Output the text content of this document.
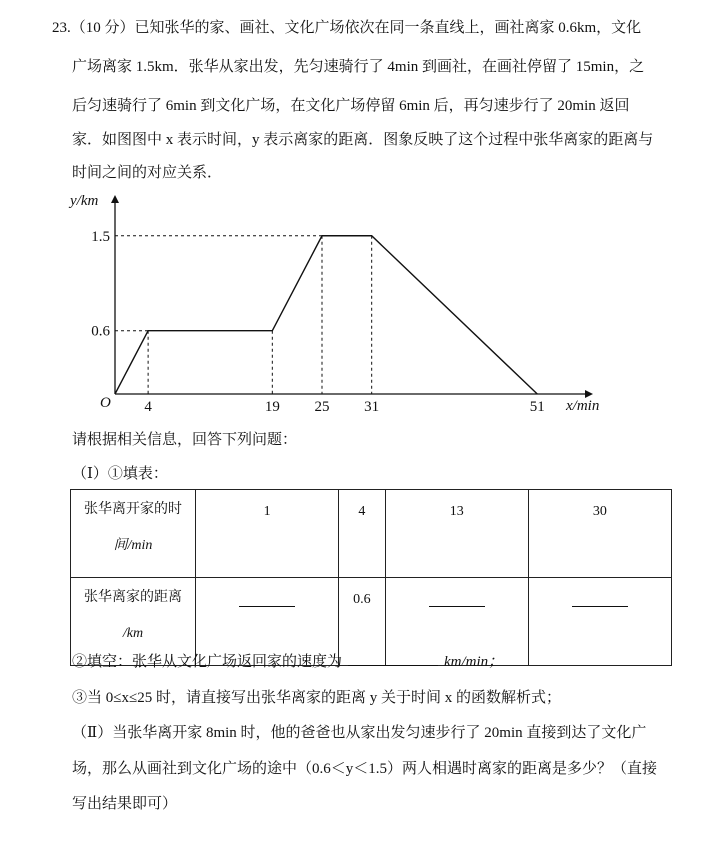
23.（10 分）已知张华的家、画社、文化广场依次在同一条直线上，画社离家 0.6km，文化
广场离家 1.5km．张华从家出发，先匀速骑行了 4min 到画社，在画社停留了 15min，之
后匀速骑行了 6min 到文化广场，在文化广场停留 6min 后，再匀速步行了 20min 返回
家．如图图中 x 表示时间，y 表示离家的距离．图象反映了这个过程中张华离家的距离与
时间之间的对应关系．
y/km
x/min
O 4	19 25 31	51
0.6
1.5
请根据相关信息，回答下列问题：
（Ⅰ）①填表：
张华离开家的时
间/min	1	4	13	30
张华离家的距离
/km		0.6		
②填空：张华从文化广场返回家的速度为	km/min；
③当 0≤x≤25 时，请直接写出张华离家的距离 y 关于时间 x 的函数解析式；
（Ⅱ）当张华离开家 8min 时，他的爸爸也从家出发匀速步行了 20min 直接到达了文化广
场，那么从画社到文化广场的途中（0.6＜y＜1.5）两人相遇时离家的距离是多少？（直接
写出结果即可）
